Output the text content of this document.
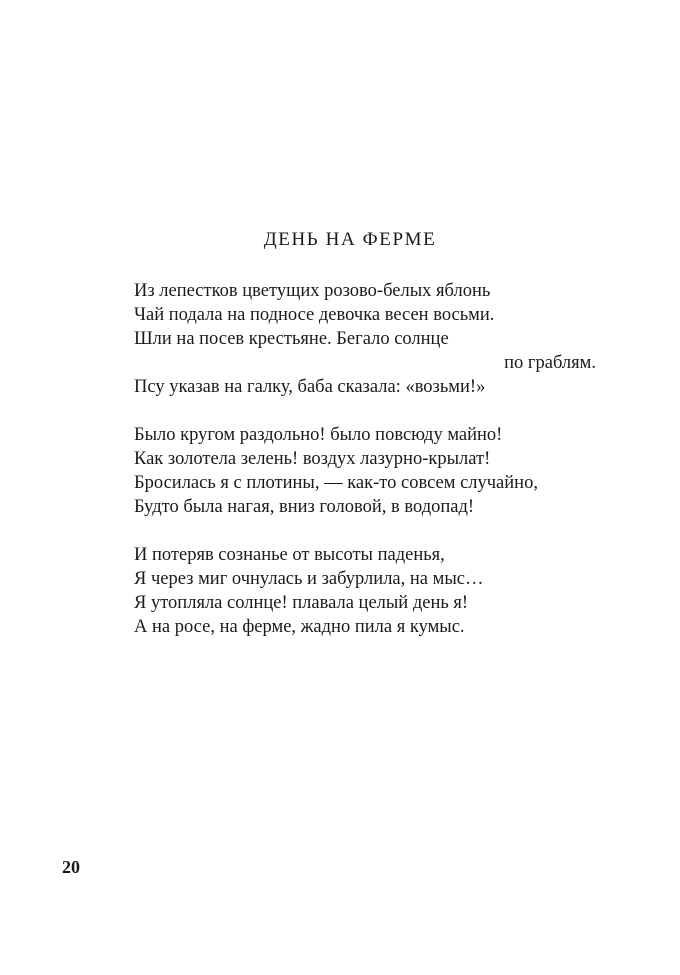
ДЕНЬ НА ФЕРМЕ
Из лепестков цветущих розово-белых яблонь
Чай подала на подносе девочка весен восьми.
Шли на посев крестьяне. Бегало солнце
по граблям.
Псу указав на галку, баба сказала: «возьми!»
Было кругом раздольно! было повсюду майно!
Как золотела зелень! воздух лазурно-крылат!
Бросилась я с плотины, — как-то совсем случайно,
Будто была нагая, вниз головой, в водопад!
И потеряв сознанье от высоты паденья,
Я через миг очнулась и забурлила, на мыс…
Я утопляла солнце! плавала целый день я!
А на росе, на ферме, жадно пила я кумыс.
20
